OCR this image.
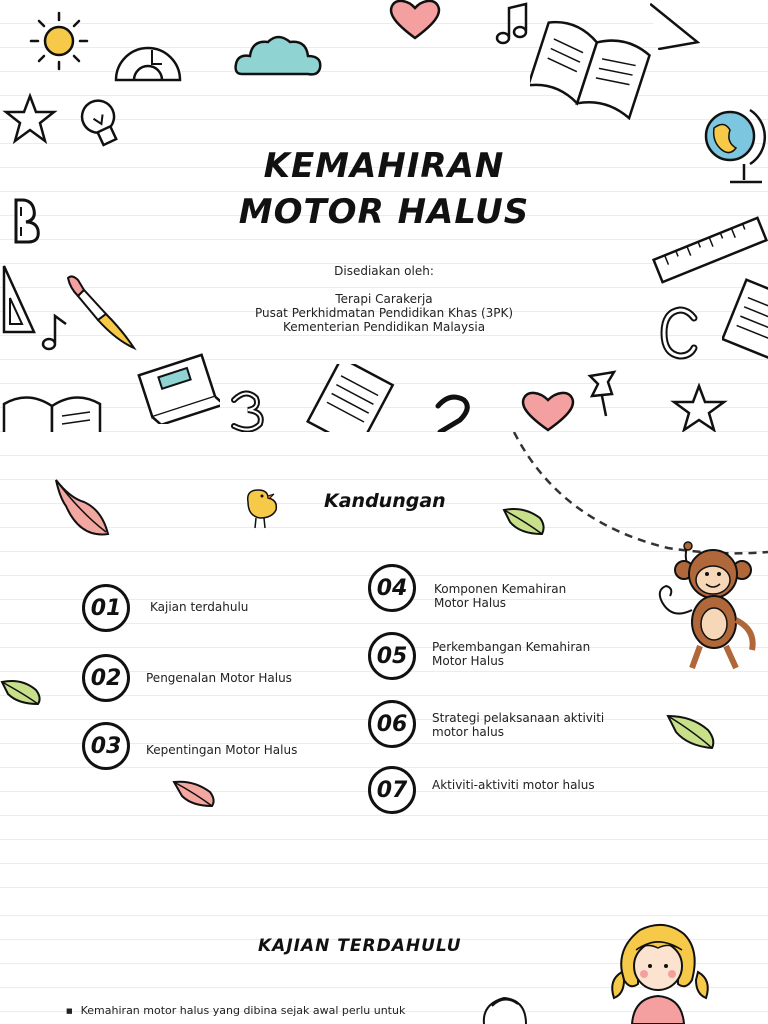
KEMAHIRAN
MOTOR HALUS
Disediakan oleh:
Terapi Carakerja
Pusat Perkhidmatan Pendidikan Khas (3PK)
Kementerian Pendidikan Malaysia
Kandungan
01	Kajian terdahulu
02	Pengenalan Motor Halus
03	Kepentingan Motor Halus
04	Komponen Kemahiran Motor Halus
05	Perkembangan Kemahiran Motor Halus
06	Strategi pelaksanaan aktiviti motor halus
07	Aktiviti-aktiviti motor halus
KAJIAN TERDAHULU
■ Kemahiran motor halus yang dibina sejak awal perlu untuk
